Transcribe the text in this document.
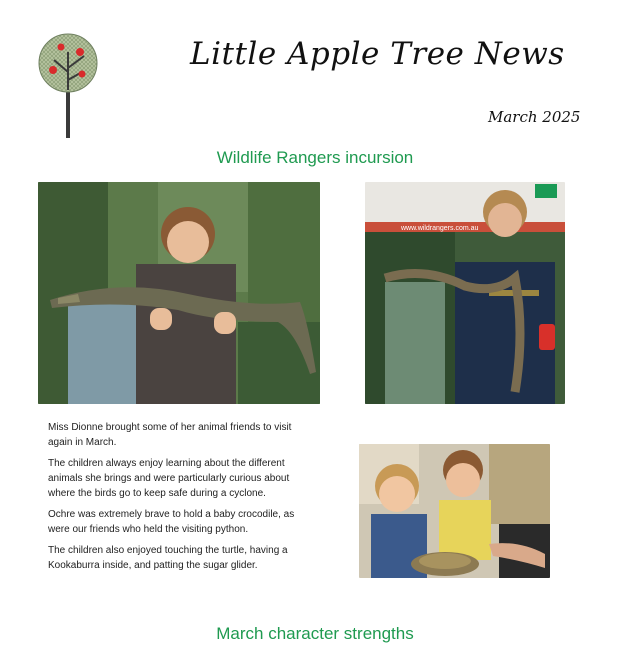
Little Apple Tree News
March 2025
Wildlife Rangers incursion
www.wildrangers.com.au

Miss Dionne brought some of her animal friends to visit again in March.

The children always enjoy learning about the different animals she brings and were particularly curious about where the birds go to keep safe during a cyclone.

Ochre was extremely brave to hold a baby crocodile, as were our friends who held the visiting python.

The children also enjoyed touching the turtle, having a Kookaburra inside, and patting the sugar glider.

March character strengths
